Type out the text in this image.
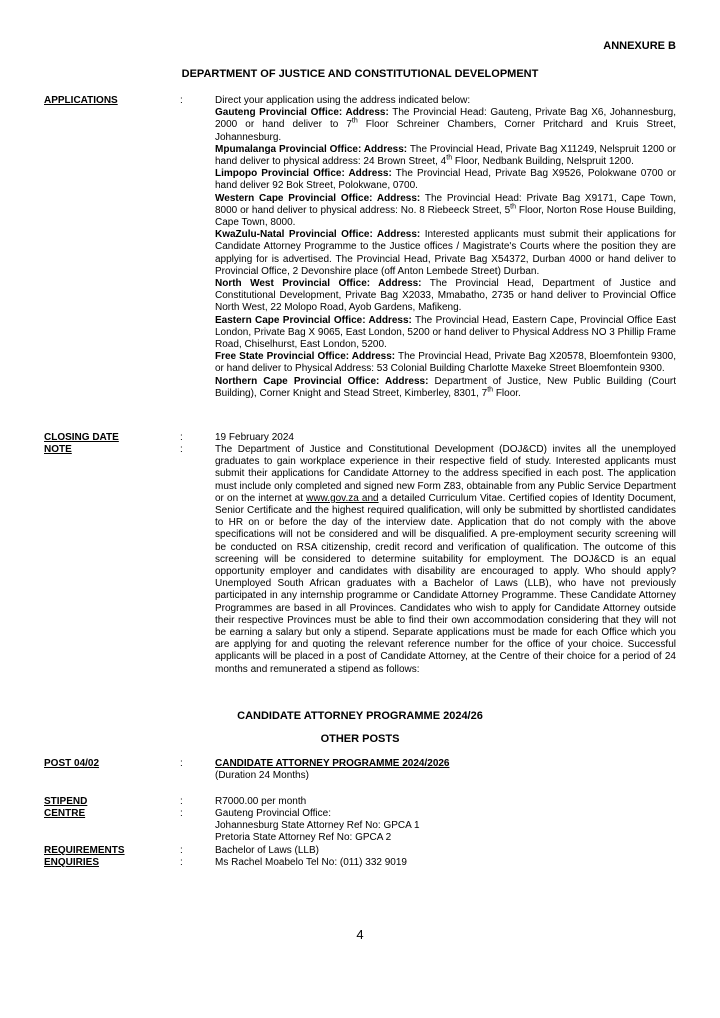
ANNEXURE B
DEPARTMENT OF JUSTICE AND CONSTITUTIONAL DEVELOPMENT
APPLICATIONS	:	Direct your application using the address indicated below:

Gauteng Provincial Office: Address: The Provincial Head: Gauteng, Private Bag X6, Johannesburg, 2000 or hand deliver to 7th Floor Schreiner Chambers, Corner Pritchard and Kruis Street, Johannesburg.

Mpumalanga Provincial Office: Address: The Provincial Head, Private Bag X11249, Nelspruit 1200 or hand deliver to physical address: 24 Brown Street, 4th Floor, Nedbank Building, Nelspruit 1200.

Limpopo Provincial Office: Address: The Provincial Head, Private Bag X9526, Polokwane 0700 or hand deliver 92 Bok Street, Polokwane, 0700.

Western Cape Provincial Office: Address: The Provincial Head: Private Bag X9171, Cape Town, 8000 or hand deliver to physical address: No. 8 Riebeeck Street, 5th Floor, Norton Rose House Building, Cape Town, 8000.

KwaZulu-Natal Provincial Office: Address: Interested applicants must submit their applications for Candidate Attorney Programme to the Justice offices / Magistrate's Courts where the position they are applying for is advertised. The Provincial Head, Private Bag X54372, Durban 4000 or hand deliver to Provincial Office, 2 Devonshire place (off Anton Lembede Street) Durban.

North West Provincial Office: Address: The Provincial Head, Department of Justice and Constitutional Development, Private Bag X2033, Mmabatho, 2735 or hand deliver to Provincial Office North West, 22 Molopo Road, Ayob Gardens, Mafikeng.

Eastern Cape Provincial Office: Address: The Provincial Head, Eastern Cape, Provincial Office East London, Private Bag X 9065, East London, 5200 or hand deliver to Physical Address NO 3 Phillip Frame Road, Chiselhurst, East London, 5200.

Free State Provincial Office: Address: The Provincial Head, Private Bag X20578, Bloemfontein 9300, or hand deliver to Physical Address: 53 Colonial Building Charlotte Maxeke Street Bloemfontein 9300.

Northern Cape Provincial Office: Address: Department of Justice, New Public Building (Court Building), Corner Knight and Stead Street, Kimberley, 8301, 7th Floor.

CLOSING DATE	:	19 February 2024
NOTE	:	The Department of Justice and Constitutional Development (DOJ&CD) invites all the unemployed graduates to gain workplace experience in their respective field of study. Interested applicants must submit their applications for Candidate Attorney to the address specified in each post. The application must include only completed and signed new Form Z83, obtainable from any Public Service Department or on the internet at www.gov.za and a detailed Curriculum Vitae. Certified copies of Identity Document, Senior Certificate and the highest required qualification, will only be submitted by shortlisted candidates to HR on or before the day of the interview date. Application that do not comply with the above specifications will not be considered and will be disqualified. A pre-employment security screening will be conducted on RSA citizenship, credit record and verification of qualification. The outcome of this screening will be considered to determine suitability for employment. The DOJ&CD is an equal opportunity employer and candidates with disability are encouraged to apply. Who should apply? Unemployed South African graduates with a Bachelor of Laws (LLB), who have not previously participated in any internship programme or Candidate Attorney Programme. These Candidate Attorney Programmes are based in all Provinces. Candidates who wish to apply for Candidate Attorney outside their respective Provinces must be able to find their own accommodation considering that they will not be earning a salary but only a stipend. Separate applications must be made for each Office which you are applying for and quoting the relevant reference number for the office of your choice. Successful applicants will be placed in a post of Candidate Attorney, at the Centre of their choice for a period of 24 months and remunerated a stipend as follows:
CANDIDATE ATTORNEY PROGRAMME 2024/26
OTHER POSTS
POST 04/02	:	CANDIDATE ATTORNEY PROGRAMME 2024/2026

(Duration 24 Months)

STIPEND	:	R7000.00 per month
CENTRE	:	Gauteng Provincial Office:

Johannesburg State Attorney Ref No: GPCA 1

Pretoria State Attorney Ref No: GPCA 2

REQUIREMENTS	:	Bachelor of Laws (LLB)
ENQUIRIES	:	Ms Rachel Moabelo Tel No: (011) 332 9019
4
